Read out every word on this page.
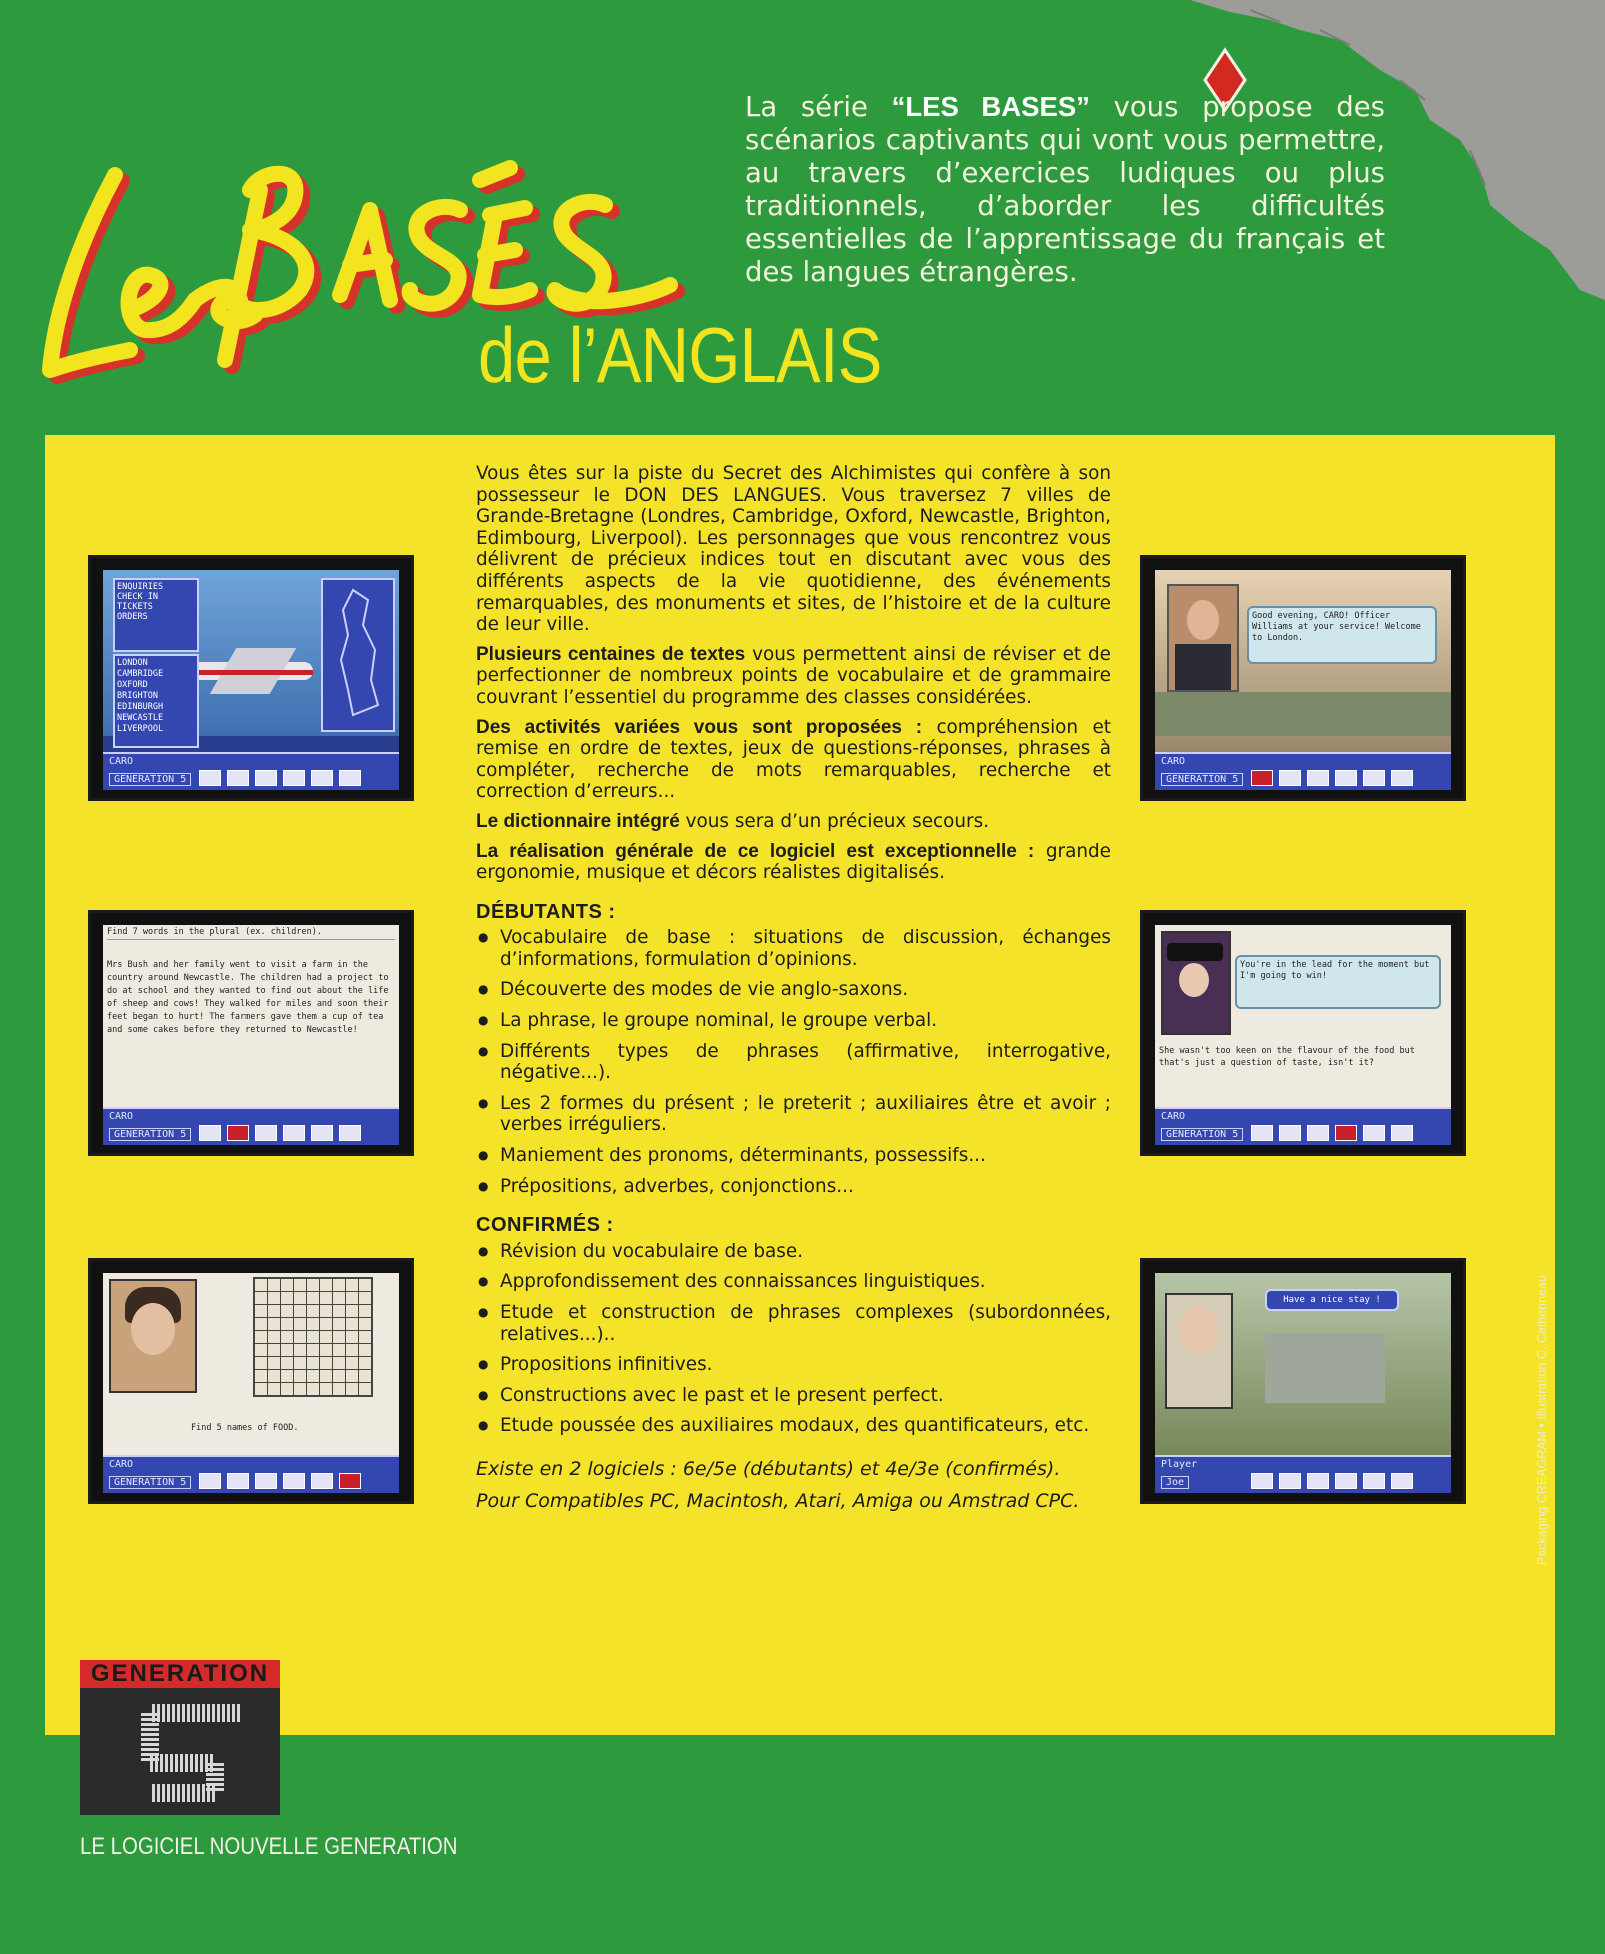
La série “LES BASES” vous propose des scénarios captivants qui vont vous permettre, au travers d’exercices ludiques ou plus traditionnels, d’aborder les difficultés essentielles de l’apprentissage du français et des langues étrangères.
de l’ANGLAIS
ENQUIRIES
CHECK IN
TICKETS
ORDERS
LONDON
CAMBRIDGE
OXFORD
BRIGHTON
EDINBURGH
NEWCASTLE
LIVERPOOL
CARO
GENERATION 5
Good evening, CARO! Officer Williams at your service! Welcome to London.
CARO
GENERATION 5
Find 7 words in the plural (ex. children).
Mrs Bush and her family went to visit a farm in the country around Newcastle. The children had a project to do at school and they wanted to find out about the life of sheep and cows! They walked for miles and soon their feet began to hurt! The farmers gave them a cup of tea and some cakes before they returned to Newcastle!
CARO
GENERATION 5
You're in the lead for the moment but I'm going to win!
She wasn't too keen on the flavour of the food but that's just a question of taste, isn't it?
CARO
GENERATION 5
Find 5 names of FOOD.
CARO
GENERATION 5
Have a nice stay !
Player
Joe

Vous êtes sur la piste du Secret des Alchimistes qui confère à son possesseur le DON DES LANGUES. Vous traversez 7 villes de Grande-Bretagne (Londres, Cambridge, Oxford, Newcastle, Brighton, Edimbourg, Liverpool). Les personnages que vous rencontrez vous délivrent de précieux indices tout en discutant avec vous des différents aspects de la vie quotidienne, des événements remarquables, des monuments et sites, de l’histoire et de la culture de leur ville.

Plusieurs centaines de textes vous permettent ainsi de réviser et de perfectionner de nombreux points de vocabulaire et de grammaire couvrant l’essentiel du programme des classes considérées.

Des activités variées vous sont proposées : compréhension et remise en ordre de textes, jeux de questions-réponses, phrases à compléter, recherche de mots remarquables, recherche et correction d’erreurs...

Le dictionnaire intégré vous sera d’un précieux secours.

La réalisation générale de ce logiciel est exceptionnelle : grande ergonomie, musique et décors réalistes digitalisés.

DÉBUTANTS :
● Vocabulaire de base : situations de discussion, échanges d’informations, formulation d’opinions.
● Découverte des modes de vie anglo-saxons.
● La phrase, le groupe nominal, le groupe verbal.
● Différents types de phrases (affirmative, interrogative, négative...).
● Les 2 formes du présent ; le preterit ; auxiliaires être et avoir ; verbes irréguliers.
● Maniement des pronoms, déterminants, possessifs...
● Prépositions, adverbes, conjonctions...
CONFIRMÉS :
● Révision du vocabulaire de base.
● Approfondissement des connaissances linguistiques.
● Etude et construction de phrases complexes (subordonnées, relatives...)..
● Propositions infinitives.
● Constructions avec le past et le present perfect.
● Etude poussée des auxiliaires modaux, des quantificateurs, etc.

Existe en 2 logiciels : 6e/5e (débutants) et 4e/3e (confirmés).

Pour Compatibles PC, Macintosh, Atari, Amiga ou Amstrad CPC.	Packaging CREAGRAM • Illustration C. Catherineau
GENERATION
LE LOGICIEL NOUVELLE GENERATION
